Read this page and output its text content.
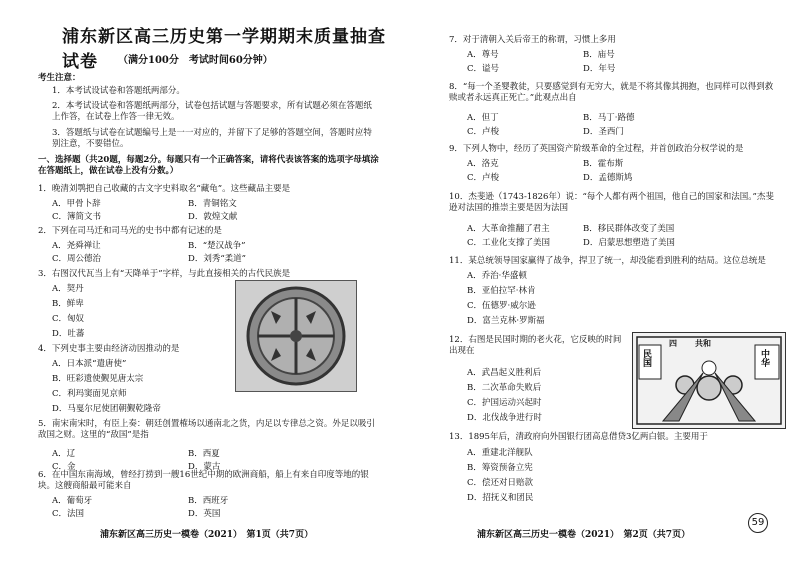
浦东新区高三历史第一学期期末质量抽查试卷	（满分100分　考试时间60分钟）
考生注意：
1．本考试设试卷和答题纸两部分。
2．本考试设试卷和答题纸两部分，试卷包括试题与答题要求，所有试题必须在答题纸上作答，在试卷上作答一律无效。
3．答题纸与试卷在试题编号上是一一对应的，并留下了足够的答题空间，答题时应特别注意，不要错位。
一、选择题（共20题，每题2分。每题只有一个正确答案，请将代表该答案的选项字母填涂在答题纸上，做在试卷上没有分数。）
1．晚清刘鹗把自己收藏的古文字史料取名“藏龟”。这些藏品主要是
A．甲骨卜辞	B．青铜铭文
C．簿简文书	D．敦煌文献
2．下列在司马迁和司马光的史书中都有记述的是
A．尧舜禅让	B．“楚汉战争”
C．周公德治	D．刘秀“柔道”
3．右图汉代瓦当上有“天降单于”字样，与此直接相关的古代民族是
A．契丹
B．鲜卑
C．匈奴
D．吐蕃
4．下列史事主要由经济动因推动的是
A．日本派“遣唐使”
B．旺彩遗使觐见唐太宗
C．利玛窦面见京师
D．马戛尔尼使团朝觐乾隆帝
5．南宋南宋时，有臣上奏：朝廷创置榷场以通南北之货，内足以专律总之资。外足以吸引敌国之财。这里的“敌国”是指
A．辽	B．西夏
C．金	D．蒙古
6．在中国东南海域，曾经打捞到一艘16世纪中期的欧洲商船，船上有来自印度等地的银块。这艘商船最可能来自
A．葡萄牙	B．西班牙
C．法国	D．英国
浦东新区高三历史一模卷（2021）　第1页（共7页）
7．对于清朝入关后帝王的称谓，习惯上多用
A．尊号	B．庙号
C．谥号	D．年号
8．“每一个圣婴教徒，只要感觉到有无穷大，就是不将其像其拥抱，也同样可以得到救赎或者永远真正死亡。”此观点出自
A．但丁	B．马丁·路德
C．卢梭	D．圣西门
9．下列人物中，经历了英国资产阶级革命的全过程，并首创政治分权学说的是
A．洛克	B．霍布斯
C．卢梭	D．孟德斯鸠
10．杰斐逊（1743-1826年）说：“每个人都有两个祖国，他自己的国家和法国。”杰斐逊对法国的推崇主要是因为法国
A．大革命推翻了君主	B．移民群体改变了美国
C．工业化支撑了美国	D．启蒙思想塑造了美国
11．某总统领导国家赢得了战争，捍卫了统一，却没能看到胜利的结局。这位总统是
A．乔治·华盛顿
B．亚伯拉罕·林肯
C．伍德罗·威尔逊
D．富兰克林·罗斯福
12．右图是民国时期的老火花，它反映的时间出现在
A．武昌起义胜利后
B．二次革命失败后
C．护国运动兴起时
D．北伐战争进行时
13．1895年后，清政府向外国银行团高息借贷3亿两白银。主要用于
A．重建北洋舰队
B．筹资预备立宪
C．偿还对日赔款
D．招抚义和团民
浦东新区高三历史一模卷（2021）　第2页（共7页）
民国
共和
四
中华
59
